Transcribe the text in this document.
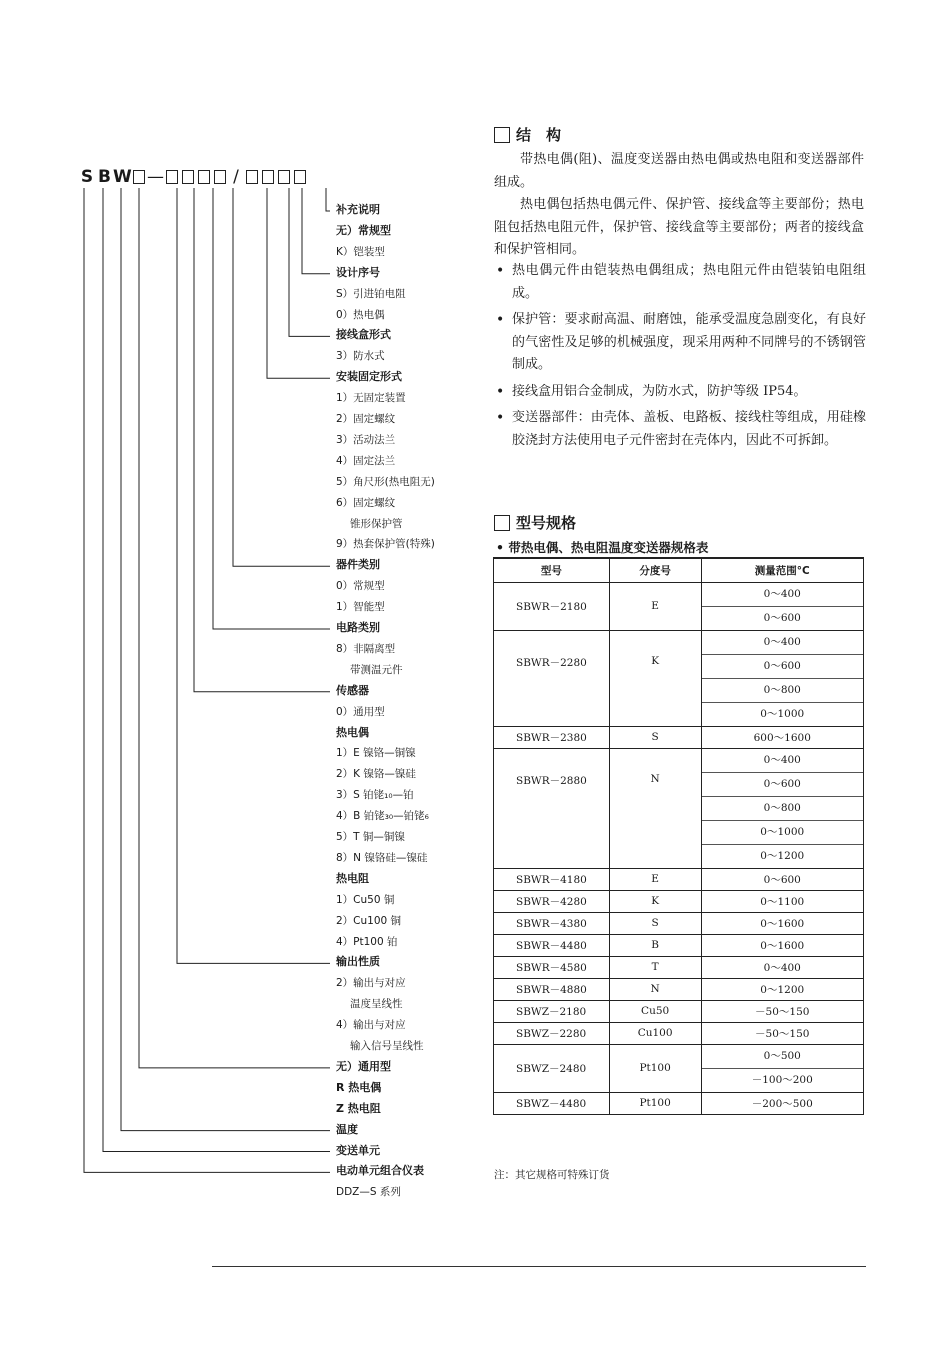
S B W —	/
补充说明
无）常规型
K）铠装型
设计序号
S）引进铂电阻
0）热电偶
接线盒形式
3）防水式
安装固定形式
1）无固定装置
2）固定螺纹
3）活动法兰
4）固定法兰
5）角尺形(热电阻无)
6）固定螺纹
锥形保护管
9）热套保护管(特殊)
器件类别
0）常规型
1）智能型
电路类别
8）非隔离型
带测温元件
传感器
0）通用型
热电偶
1）E 镍铬—铜镍
2）K 镍铬—镍硅
3）S 铂铑₁₀—铂
4）B 铂铑₃₀—铂铑₆
5）T 铜—铜镍
8）N 镍铬硅—镍硅
热电阻
1）Cu50 铜
2）Cu100 铜
4）Pt100 铂
输出性质
2）输出与对应
温度呈线性
4）输出与对应
输入信号呈线性
无）通用型
R 热电偶
Z 热电阻
温度
变送单元
电动单元组合仪表
DDZ—S 系列
结　构
带热电偶(阻)、温度变送器由热电偶或热电阻和变送器部件组成。
热电偶包括热电偶元件、保护管、接线盒等主要部份；热电阻包括热电阻元件，保护管、接线盒等主要部份；两者的接线盒和保护管相同。
• 热电偶元件由铠装热电偶组成；热电阻元件由铠装铂电阻组成。
• 保护管：要求耐高温、耐磨蚀，能承受温度急剧变化，有良好的气密性及足够的机械强度，现采用两种不同牌号的不锈钢管制成。
• 接线盒用铝合金制成，为防水式，防护等级 IP54。
• 变送器部件：由壳体、盖板、电路板、接线柱等组成，用硅橡胶浇封方法使用电子元件密封在壳体内，因此不可拆卸。
型号规格
• 带热电偶、热电阻温度变送器规格表
型号	分度号	测量范围°C
SBWR－2180	E	0～400
0～600

SBWR－2280	K	0～400
0～600
0～800
0～1000

SBWR－2380	S	600～1600
SBWR－2880	N	0～400
0～600
0～800
0～1000
0～1200

SBWR－4180	E	0～600
SBWR－4280	K	0～1100
SBWR－4380	S	0～1600
SBWR－4480	B	0～1600
SBWR－4580	T	0～400
SBWR－4880	N	0～1200
SBWZ－2180	Cu50	－50～150
SBWZ－2280	Cu100	－50～150
SBWZ－2480	Pt100	0～500
－100～200

SBWZ－4480	Pt100	－200～500
注：其它规格可特殊订货
